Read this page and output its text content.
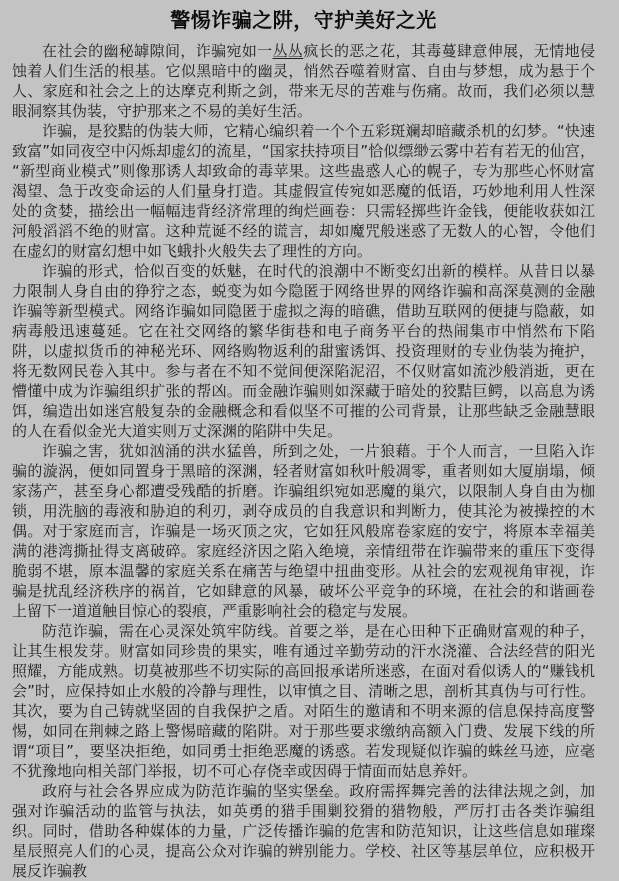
警惕诈骗之阱，守护美好之光

在社会的幽秘罅隙间，诈骗宛如一丛丛疯长的恶之花，其毒蔓肆意伸展，无情地侵蚀着人们生活的根基。它似黑暗中的幽灵，悄然吞噬着财富、自由与梦想，成为悬于个人、家庭和社会之上的达摩克利斯之剑，带来无尽的苦难与伤痛。故而，我们必须以慧眼洞察其伪装，守护那来之不易的美好生活。

诈骗，是狡黠的伪装大师，它精心编织着一个个五彩斑斓却暗藏杀机的幻梦。“快速致富”如同夜空中闪烁却虚幻的流星，“国家扶持项目”恰似缥缈云雾中若有若无的仙宫，“新型商业模式”则像那诱人却致命的毒苹果。这些蛊惑人心的幌子，专为那些心怀财富渴望、急于改变命运的人们量身打造。其虚假宣传宛如恶魔的低语，巧妙地利用人性深处的贪婪，描绘出一幅幅违背经济常理的绚烂画卷：只需轻掷些许金钱，便能收获如江河般滔滔不绝的财富。这种荒诞不经的谎言，却如魔咒般迷惑了无数人的心智，令他们在虚幻的财富幻想中如飞蛾扑火般失去了理性的方向。

诈骗的形式，恰似百变的妖魅，在时代的浪潮中不断变幻出新的模样。从昔日以暴力限制人身自由的狰狞之态，蜕变为如今隐匿于网络世界的网络诈骗和高深莫测的金融诈骗等新型模式。网络诈骗如同隐匿于虚拟之海的暗礁，借助互联网的便捷与隐蔽，如病毒般迅速蔓延。它在社交网络的繁华街巷和电子商务平台的热闹集市中悄然布下陷阱，以虚拟货币的神秘光环、网络购物返利的甜蜜诱饵、投资理财的专业伪装为掩护，将无数网民卷入其中。参与者在不知不觉间便深陷泥沼，不仅财富如流沙般消逝，更在懵懂中成为诈骗组织扩张的帮凶。而金融诈骗则如深藏于暗处的狡黠巨鳄，以高息为诱饵，编造出如迷宫般复杂的金融概念和看似坚不可摧的公司背景，让那些缺乏金融慧眼的人在看似金光大道实则万丈深渊的陷阱中失足。

诈骗之害，犹如汹涌的洪水猛兽，所到之处，一片狼藉。于个人而言，一旦陷入诈骗的漩涡，便如同置身于黑暗的深渊，轻者财富如秋叶般凋零，重者则如大厦崩塌，倾家荡产，甚至身心都遭受残酷的折磨。诈骗组织宛如恶魔的巢穴，以限制人身自由为枷锁，用洗脑的毒液和胁迫的利刃，剥夺成员的自我意识和判断力，使其沦为被操控的木偶。对于家庭而言，诈骗是一场灭顶之灾，它如狂风般席卷家庭的安宁，将原本幸福美满的港湾撕扯得支离破碎。家庭经济因之陷入绝境，亲情纽带在诈骗带来的重压下变得脆弱不堪，原本温馨的家庭关系在痛苦与绝望中扭曲变形。从社会的宏观视角审视，诈骗是扰乱经济秩序的祸首，它如肆意的风暴，破坏公平竞争的环境，在社会的和谐画卷上留下一道道触目惊心的裂痕，严重影响社会的稳定与发展。

防范诈骗，需在心灵深处筑牢防线。首要之举，是在心田种下正确财富观的种子，让其生根发芽。财富如同珍贵的果实，唯有通过辛勤劳动的汗水浇灌、合法经营的阳光照耀，方能成熟。切莫被那些不切实际的高回报承诺所迷惑，在面对看似诱人的“赚钱机会”时，应保持如止水般的冷静与理性，以审慎之目、清晰之思，剖析其真伪与可行性。其次，要为自己铸就坚固的自我保护之盾。对陌生的邀请和不明来源的信息保持高度警惕，如同在荆棘之路上警惕暗藏的陷阱。对于那些要求缴纳高额入门费、发展下线的所谓“项目”，要坚决拒绝，如同勇士拒绝恶魔的诱惑。若发现疑似诈骗的蛛丝马迹，应毫不犹豫地向相关部门举报，切不可心存侥幸或因碍于情面而姑息养奸。

政府与社会各界应成为防范诈骗的坚实堡垒。政府需挥舞完善的法律法规之剑，加强对诈骗活动的监管与执法，如英勇的猎手围剿狡猾的猎物般，严厉打击各类诈骗组织。同时，借助各种媒体的力量，广泛传播诈骗的危害和防范知识，让这些信息如璀璨星辰照亮人们的心灵，提高公众对诈骗的辨别能力。学校、社区等基层单位，应积极开展反诈骗教
